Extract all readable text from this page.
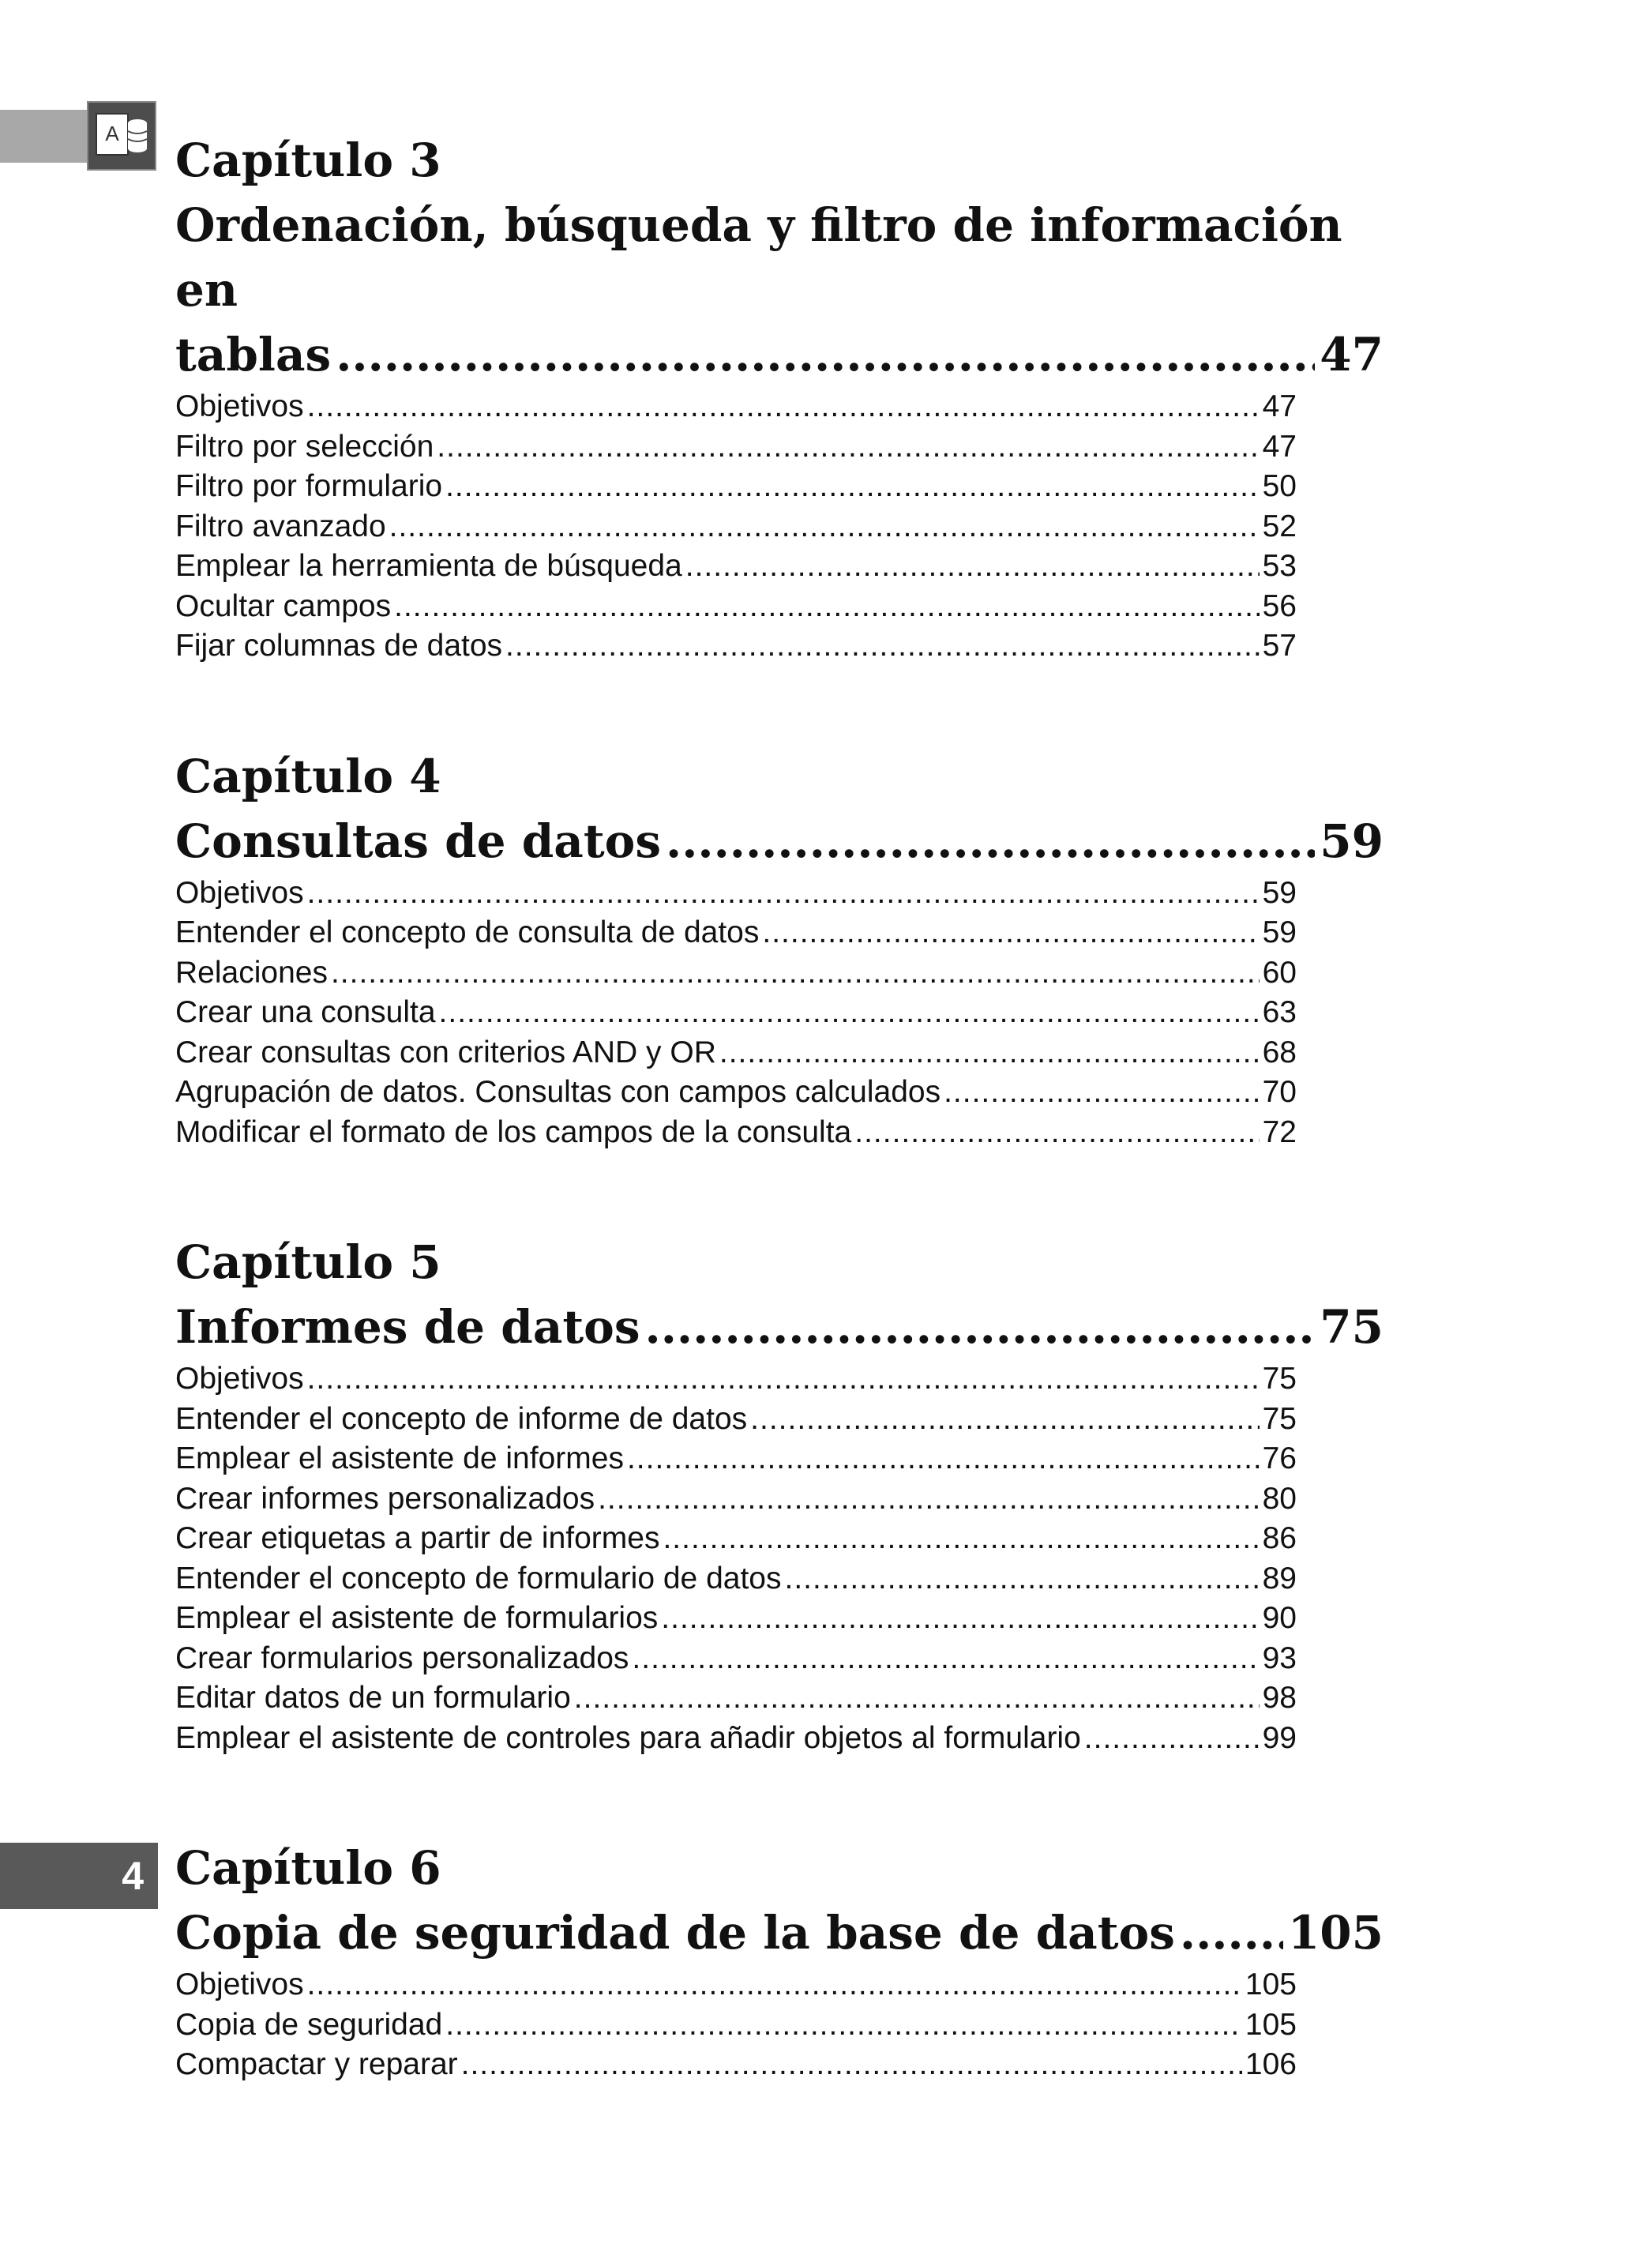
A
4
Capítulo 3
Ordenación, búsqueda y filtro de información en
tablas .....	47
Objetivos .....	47
Filtro por selección .....	47
Filtro por formulario .....	50
Filtro avanzado .....	52
Emplear la herramienta de búsqueda .....	53
Ocultar campos .....	56
Fijar columnas de datos .....	57
Capítulo 4
Consultas de datos .....	59
Objetivos .....	59
Entender el concepto de consulta de datos .....	59
Relaciones .....	60
Crear una consulta .....	63
Crear consultas con criterios AND y OR .....	68
Agrupación de datos. Consultas con campos calculados .....	70
Modificar el formato de los campos de la consulta .....	72
Capítulo 5
Informes de datos .....	75
Objetivos .....	75
Entender el concepto de informe de datos .....	75
Emplear el asistente de informes .....	76
Crear informes personalizados .....	80
Crear etiquetas a partir de informes .....	86
Entender el concepto de formulario de datos .....	89
Emplear el asistente de formularios .....	90
Crear formularios personalizados .....	93
Editar datos de un formulario .....	98
Emplear el asistente de controles para añadir objetos al formulario .....	99
Capítulo 6
Copia de seguridad de la base de datos ..... 105
Objetivos .....	105
Copia de seguridad .....	105
Compactar y reparar .....	106
